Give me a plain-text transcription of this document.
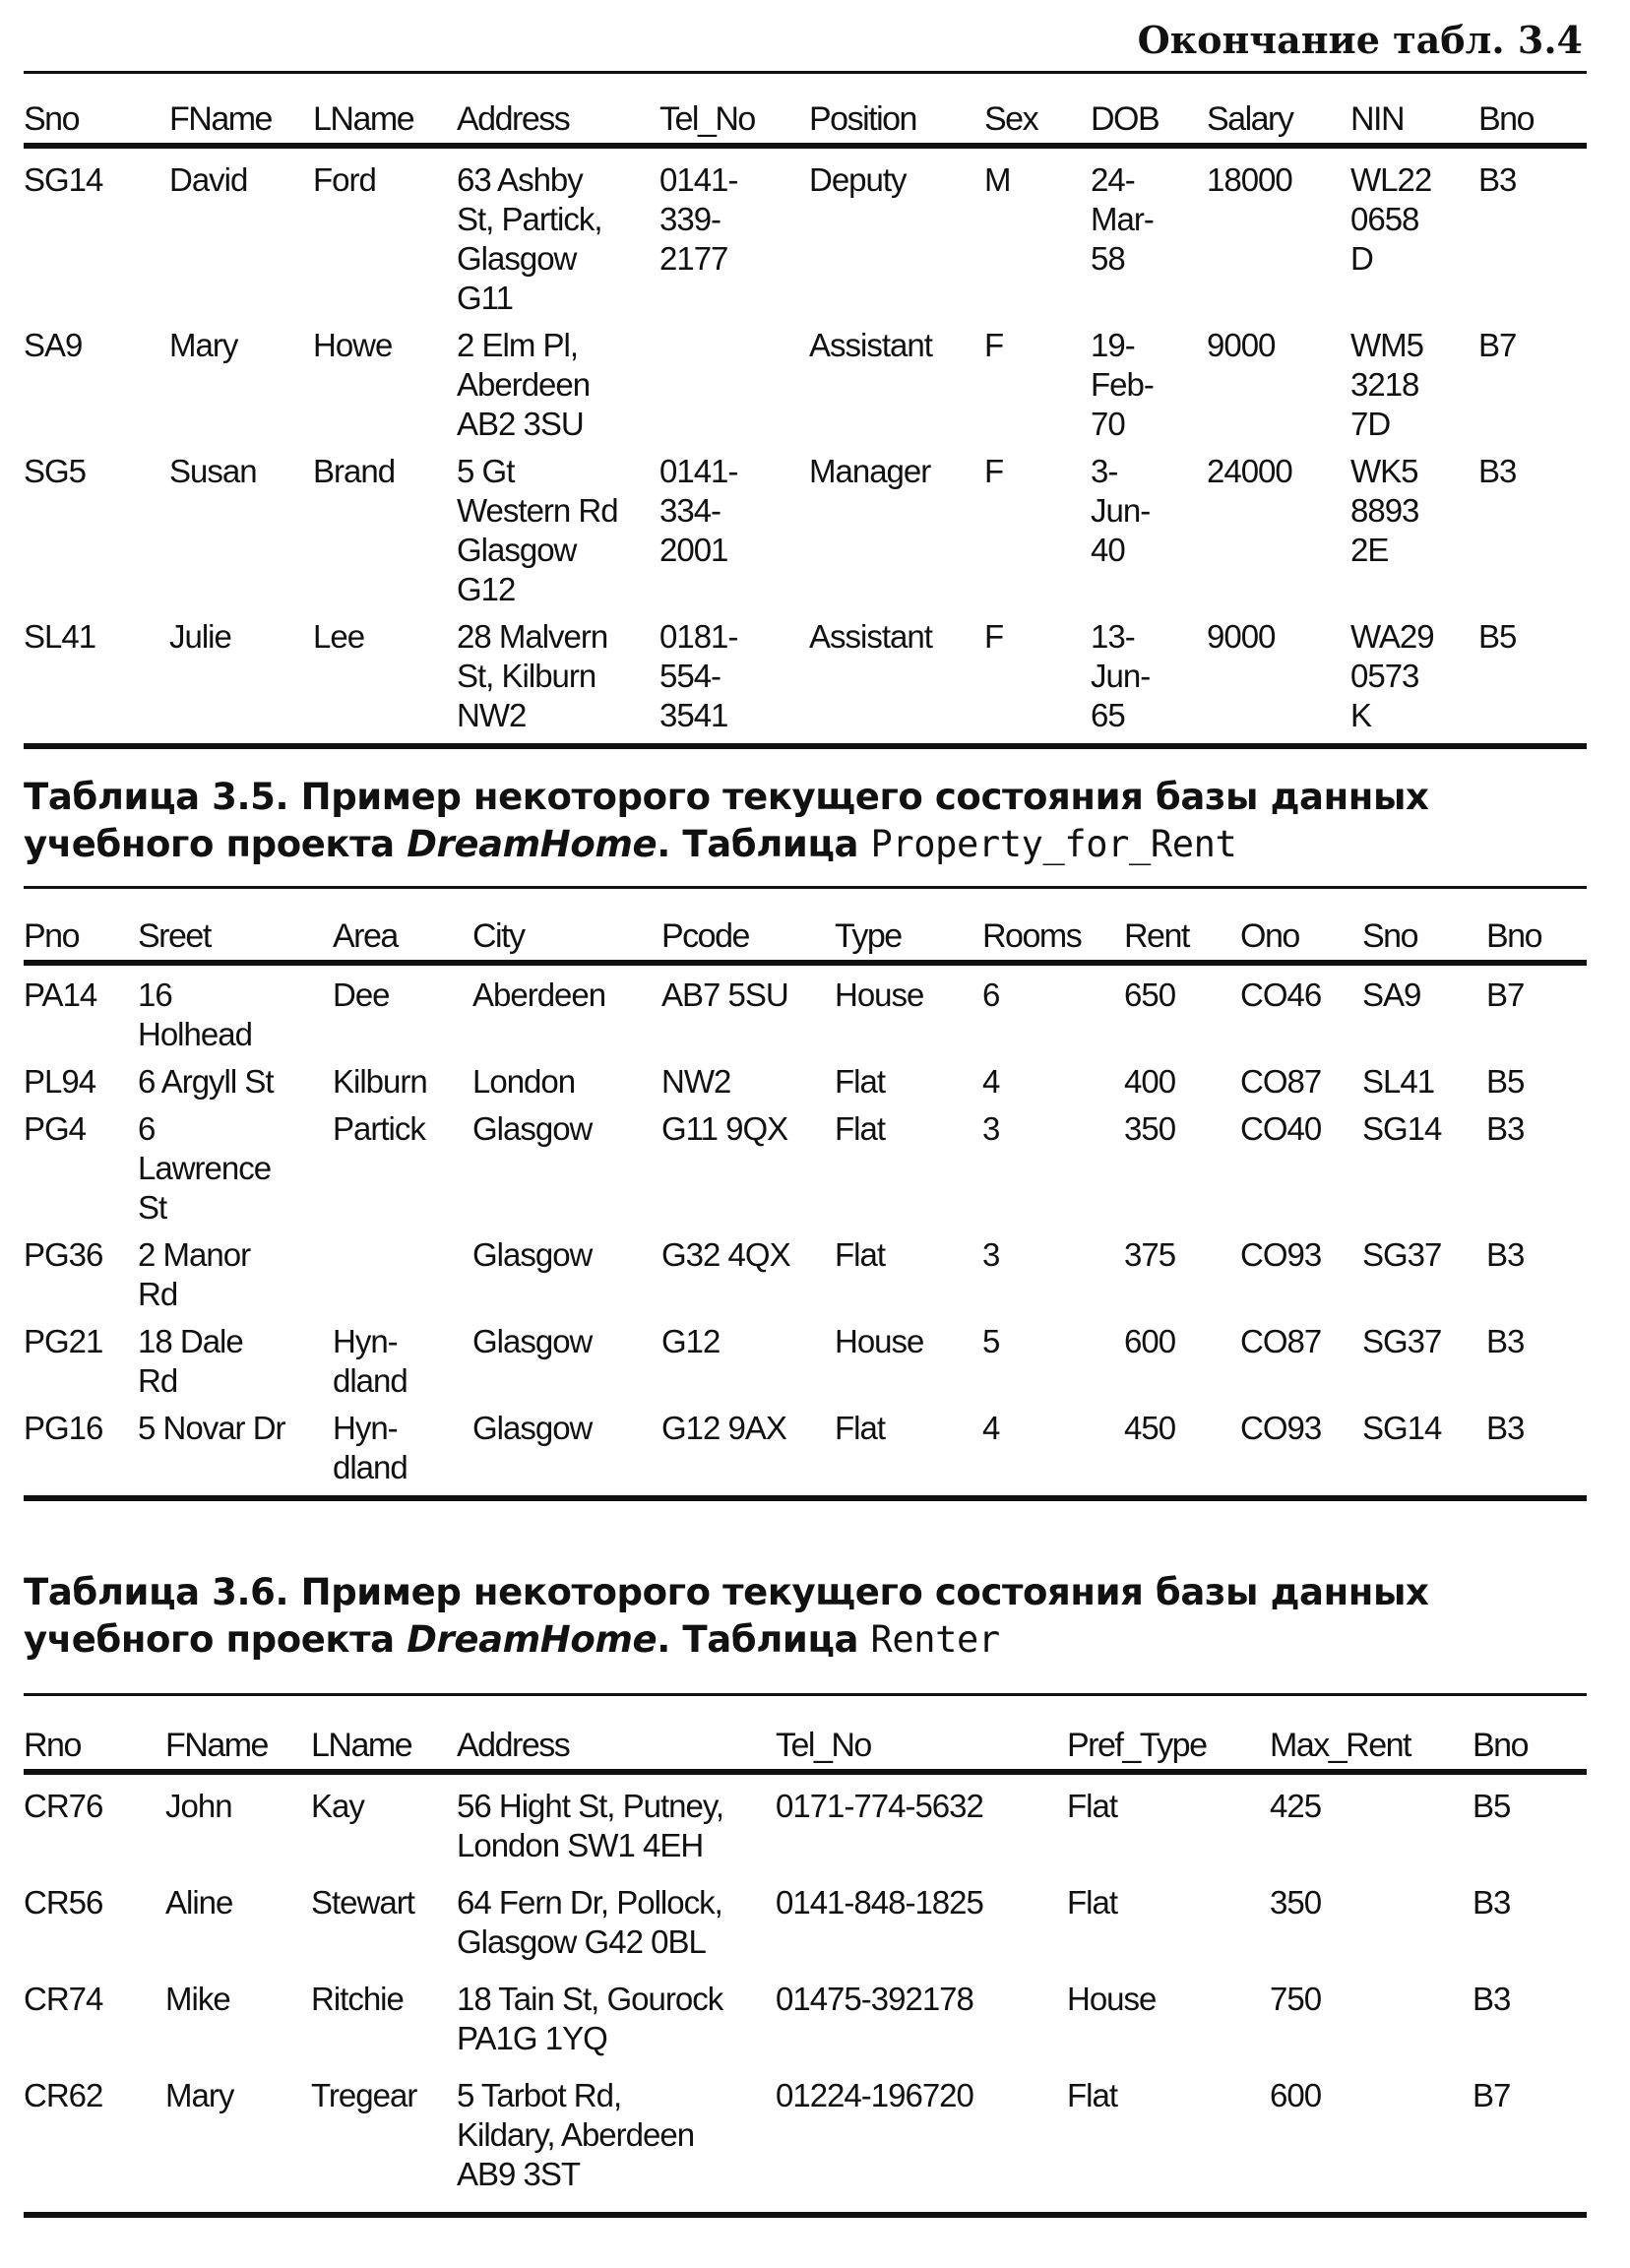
Окончание табл. 3.4

Sno	FName	LName	Address	Tel_No	Position	Sex	DOB	Salary	NIN	Bno
SG14	David	Ford	63 Ashby
St, Partick,
Glasgow
G11	0141-
339-
2177	Deputy	M	24-
Mar-
58	18000	WL22
0658
D	B3
SA9	Mary	Howe	2 Elm Pl,
Aberdeen
AB2 3SU		Assistant	F	19-
Feb-
70	9000	WM5
3218
7D	B7
SG5	Susan	Brand	5 Gt
Western Rd
Glasgow
G12	0141-
334-
2001	Manager	F	3-
Jun-
40	24000	WK5
8893
2E	B3
SL41	Julie	Lee	28 Malvern
St, Kilburn
NW2	0181-
554-
3541	Assistant	F	13-
Jun-
65	9000	WA29
0573
K	B5

Таблица 3.5. Пример некоторого текущего состояния базы данных учебного проекта DreamHome. Таблица Property_for_Rent

Pno	Sreet	Area	City	Pcode	Type	Rooms	Rent	Ono	Sno	Bno
PA14	16
Holhead	Dee	Aberdeen	AB7 5SU	House	6	650	CO46	SA9	B7
PL94	6 Argyll St	Kilburn	London	NW2	Flat	4	400	CO87	SL41	B5
PG4	6
Lawrence
St	Partick	Glasgow	G11 9QX	Flat	3	350	CO40	SG14	B3
PG36	2 Manor
Rd		Glasgow	G32 4QX	Flat	3	375	CO93	SG37	B3
PG21	18 Dale
Rd	Hyn-
dland	Glasgow	G12	House	5	600	CO87	SG37	B3
PG16	5 Novar Dr	Hyn-
dland	Glasgow	G12 9AX	Flat	4	450	CO93	SG14	B3

Таблица 3.6. Пример некоторого текущего состояния базы данных учебного проекта DreamHome. Таблица Renter

Rno	FName	LName	Address	Tel_No	Pref_Type	Max_Rent	Bno
CR76	John	Kay	56 Hight St, Putney,
London SW1 4EH	0171-774-5632	Flat	425	B5
CR56	Aline	Stewart	64 Fern Dr, Pollock,
Glasgow G42 0BL	0141-848-1825	Flat	350	B3
CR74	Mike	Ritchie	18 Tain St, Gourock
PA1G 1YQ	01475-392178	House	750	B3
CR62	Mary	Tregear	5 Tarbot Rd,
Kildary, Aberdeen
AB9 3ST	01224-196720	Flat	600	B7
